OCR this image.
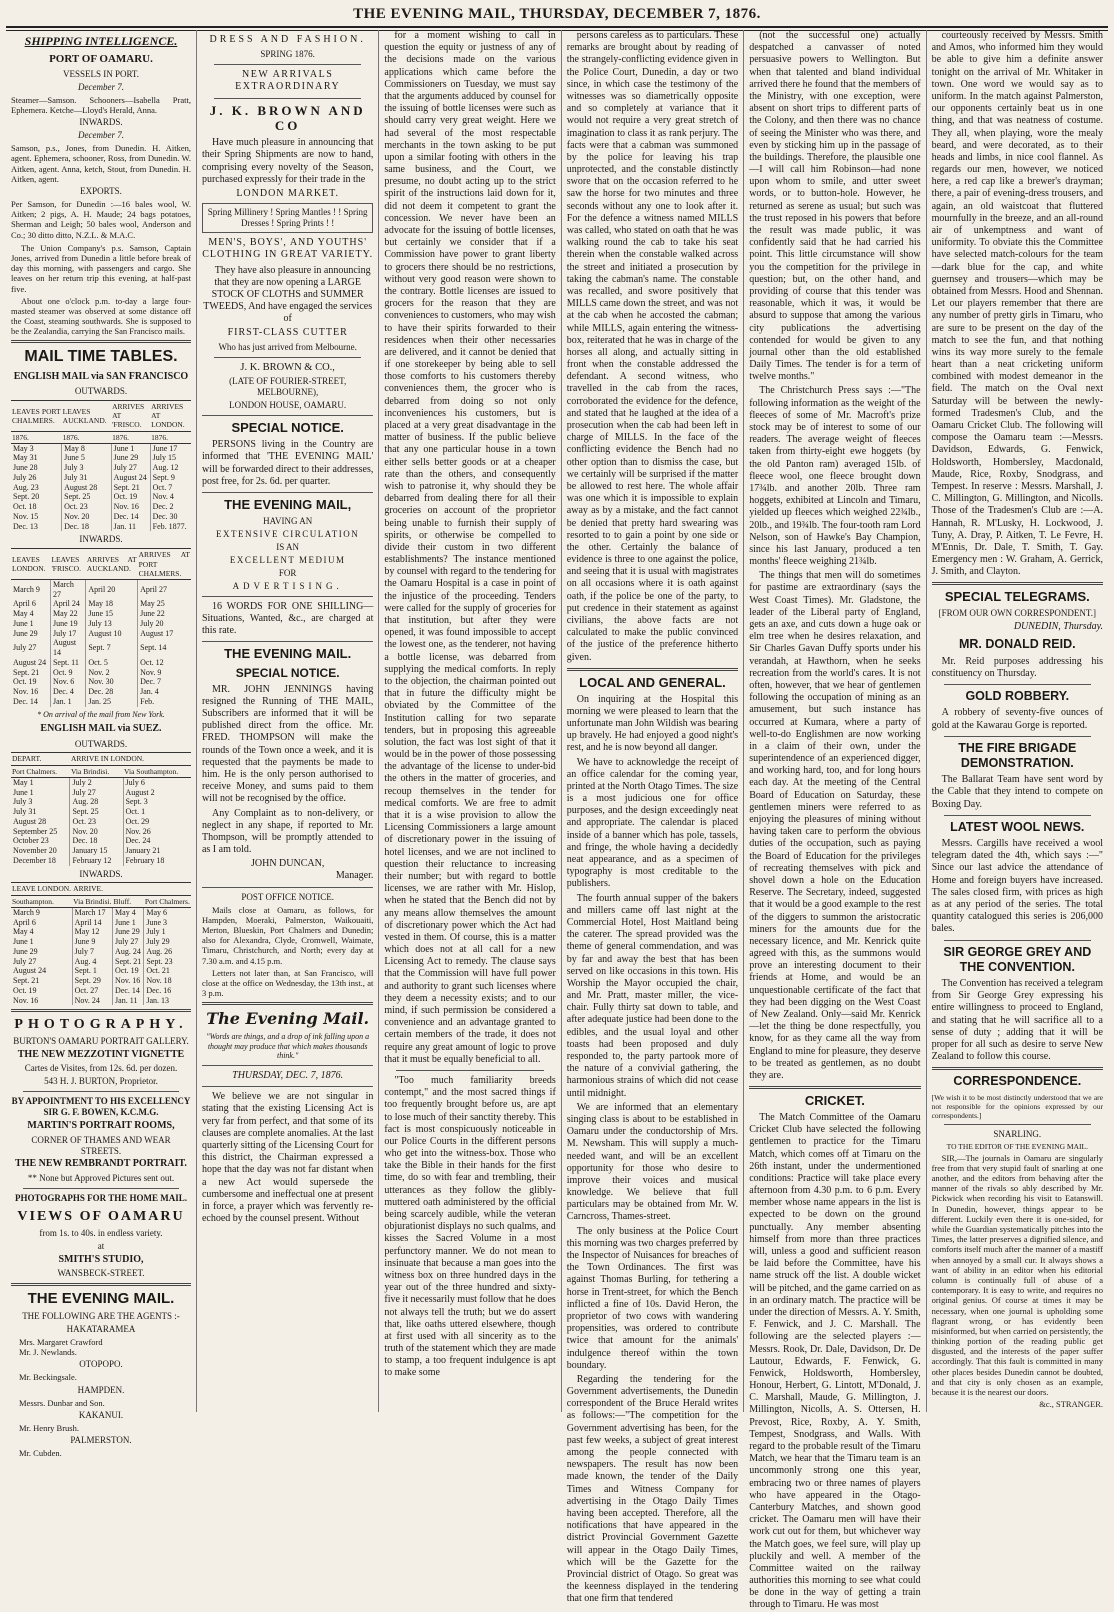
THE EVENING MAIL, THURSDAY, DECEMBER 7, 1876.
SHIPPING INTELLIGENCE.
PORT OF OAMARU.
VESSELS IN PORT.
December 7.
Steamer—Samson. Schooners—Isabella Pratt, Ephemera. Ketche—Lloyd's Herald, Anna.
INWARDS.
December 7.
Samson, p.s., Jones, from Dunedin. H. Aitken, agent. Ephemera, schooner, Ross, from Dunedin. W. Aitken, agent. Anna, ketch, Stout, from Dunedin. H. Aitken, agent.
EXPORTS.
Per Samson, for Dunedin :—16 bales wool, W. Aitken; 2 pigs, A. H. Maude; 24 bags potatoes, Sherman and Leigh; 50 bales wool, Anderson and Co.; 30 ditto ditto, N.Z.L. & M.A.C.
The Union Company's p.s. Samson, Captain Jones, arrived from Dunedin a little before break of day this morning, with passengers and cargo. She leaves on her return trip this evening, at half-past five.
About one o'clock p.m. to-day a large four-masted steamer was observed at some distance off the Coast, steaming southwards. She is supposed to be the Zealandia, carrying the San Francisco mails.
MAIL TIME TABLES.
ENGLISH MAIL via SAN FRANCISCO
OUTWARDS.
LEAVES PORT CHALMERS.	LEAVES AUCKLAND.	ARRIVES AT 'FRISCO.	ARRIVES AT LONDON.
1876.	1876.	1876.	1876.
May 3	May 8	June 1	June 17
May 31	June 5	June 29	July 15
June 28	July 3	July 27	Aug. 12
July 26	July 31	August 24	Sept. 9
Aug. 23	August 28	Sept. 21	Oct. 7
Sept. 20	Sept. 25	Oct. 19	Nov. 4
Oct. 18	Oct. 23	Nov. 16	Dec. 2
Nov. 15	Nov. 20	Dec. 14	Dec. 30
Dec. 13	Dec. 18	Jan. 11	Feb. 1877.
INWARDS.
LEAVES LONDON.	LEAVES 'FRISCO.	ARRIVES AT AUCKLAND.	ARRIVES AT PORT CHALMERS.
March 9	March 27	April 20	April 27
April 6	April 24	May 18	May 25
May 4	May 22	June 15	June 22
June 1	June 19	July 13	July 20
June 29	July 17	August 10	August 17
July 27	August 14	Sept. 7	Sept. 14
August 24	Sept. 11	Oct. 5	Oct. 12
Sept. 21	Oct. 9	Nov. 2	Nov. 9
Oct. 19	Nov. 6	Nov. 30	Dec. 7
Nov. 16	Dec. 4	Dec. 28	Jan. 4
Dec. 14	Jan. 1	Jan. 25	Feb.
* On arrival of the mail from New York.
ENGLISH MAIL via SUEZ.
OUTWARDS.
DEPART.	ARRIVE IN LONDON.	
Port Chalmers.	Via Brindisi.	Via Southampton.
May 1	July 2	July 6
June 1	July 27	August 2
July 3	Aug. 28	Sept. 3
July 31	Sept. 25	Oct. 1
August 28	Oct. 23	Oct. 29
September 25	Nov. 20	Nov. 26
October 23	Dec. 18	Dec. 24
November 20	January 15	January 21
December 18	February 12	February 18
INWARDS.
LEAVE LONDON.	ARRIVE.		
Southampton.	Via Brindisi.	Bluff.	Port Chalmers.
March 9	March 17	May 4	May 6
April 6	April 14	June 1	June 3
May 4	May 12	June 29	July 1
June 1	June 9	July 27	July 29
June 29	July 7	Aug. 24	Aug. 26
July 27	Aug. 4	Sept. 21	Sept. 23
August 24	Sept. 1	Oct. 19	Oct. 21
Sept. 21	Sept. 29	Nov. 16	Nov. 18
Oct. 19	Oct. 27	Dec. 14	Dec. 16
Nov. 16	Nov. 24	Jan. 11	Jan. 13
PHOTOGRAPHY.
BURTON'S OAMARU PORTRAIT GALLERY.
THE NEW MEZZOTINT VIGNETTE
Cartes de Visites, from 12s. 6d. per dozen.
543 H. J. BURTON, Proprietor.
BY APPOINTMENT TO HIS EXCELLENCY SIR G. F. BOWEN, K.C.M.G.
MARTIN'S PORTRAIT ROOMS,
CORNER OF THAMES AND WEAR STREETS.
THE NEW REMBRANDT PORTRAIT.
** None but Approved Pictures sent out.
PHOTOGRAPHS FOR THE HOME MAIL.
VIEWS OF OAMARU
from 1s. to 40s. in endless variety.
at
SMITH'S STUDIO,
WANSBECK-STREET.
THE EVENING MAIL.
THE FOLLOWING ARE THE AGENTS :-
HAKATARAMEA
Mrs. Margaret Crawford
Mr. J. Newlands.
OTOPOPO.
Mr. Beckingsale.
HAMPDEN.
Messrs. Dunbar and Son.
KAKANUI.
Mr. Henry Brush.
PALMERSTON.
Mr. Cubden.
DRESS AND FASHION.
SPRING 1876.
NEW ARRIVALS EXTRAORDINARY
J. K. BROWN AND CO
Have much pleasure in announcing that their Spring Shipments are now to hand, comprising every novelty of the Season, purchased expressly for their trade in the
LONDON MARKET.
Spring Millinery ! Spring Mantles ! ! Spring Dresses ! Spring Prints ! !
MEN'S, BOYS', AND YOUTHS' CLOTHING IN GREAT VARIETY.
They have also pleasure in announcing that they are now opening a LARGE STOCK OF CLOTHS and SUMMER TWEEDS, And have engaged the services of
FIRST-CLASS CUTTER
Who has just arrived from Melbourne.
J. K. BROWN & CO.,
(LATE OF FOURIER-STREET, MELBOURNE),
LONDON HOUSE, OAMARU.
SPECIAL NOTICE.
PERSONS living in the Country are informed that 'THE EVENING MAIL' will be forwarded direct to their addresses, post free, for 2s. 6d. per quarter.
THE EVENING MAIL,
HAVING AN
EXTENSIVE CIRCULATION
IS AN
EXCELLENT MEDIUM
FOR
ADVERTISING.
16 WORDS FOR ONE SHILLING— Situations, Wanted, &c., are charged at this rate.
THE EVENING MAIL.
SPECIAL NOTICE.
MR. JOHN JENNINGS having resigned the Running of THE MAIL, Subscribers are informed that it will be published direct from the office. Mr. FRED. THOMPSON will make the rounds of the Town once a week, and it is requested that the payments be made to him. He is the only person authorised to receive Money, and sums paid to them will not be recognised by the office.
Any Complaint as to non-delivery, or neglect in any shape, if reported to Mr. Thompson, will be promptly attended to as I am told.
JOHN DUNCAN,
Manager.
POST OFFICE NOTICE.
Mails close at Oamaru, as follows, for Hampden, Moeraki, Palmerston, Waikouaiti, Merton, Blueskin, Port Chalmers and Dunedin; also for Alexandra, Clyde, Cromwell, Waimate, Timaru, Christchurch, and North; every day at 7.30 a.m. and 4.15 p.m.
Letters not later than, at San Francisco, will close at the office on Wednesday, the 13th inst., at 3 p.m.
The Evening Mail.
"Words are things, and a drop of ink falling upon a thought may produce that which makes thousands think."
THURSDAY, DEC. 7, 1876.
We believe we are not singular in stating that the existing Licensing Act is very far from perfect, and that some of its clauses are complete anomalies. At the last quarterly sitting of the Licensing Court for this district, the Chairman expressed a hope that the day was not far distant when a new Act would supersede the cumbersome and ineffectual one at present in force, a prayer which was fervently re-echoed by the counsel present. Without
for a moment wishing to call in question the equity or justness of any of the decisions made on the various applications which came before the Commissioners on Tuesday, we must say that the arguments adduced by counsel for the issuing of bottle licenses were such as should carry very great weight. Here we had several of the most respectable merchants in the town asking to be put upon a similar footing with others in the same business, and the Court, we presume, no doubt acting up to the strict spirit of the instructions laid down for it, did not deem it competent to grant the concession. We never have been an advocate for the issuing of bottle licenses, but certainly we consider that if a Commission have power to grant liberty to grocers there should be no restrictions, without very good reason were shown to the contrary. Bottle licenses are issued to grocers for the reason that they are conveniences to customers, who may wish to have their spirits forwarded to their residences when their other necessaries are delivered, and it cannot be denied that if one storekeeper by being able to sell those comforts to his customers thereby conveniences them, the grocer who is debarred from doing so not only inconveniences his customers, but is placed at a very great disadvantage in the matter of business. If the public believe that any one particular house in a town either sells better goods or at a cheaper rate than the others, and consequently wish to patronise it, why should they be debarred from dealing there for all their groceries on account of the proprietor being unable to furnish their supply of spirits, or otherwise be compelled to divide their custom in two different establishments? The instance mentioned by counsel with regard to the tendering for the Oamaru Hospital is a case in point of the injustice of the proceeding. Tenders were called for the supply of groceries for that institution, but after they were opened, it was found impossible to accept the lowest one, as the tenderer, not having a bottle license, was debarred from supplying the medical comforts. In reply to the objection, the chairman pointed out that in future the difficulty might be obviated by the Committee of the Institution calling for two separate tenders, but in proposing this agreeable solution, the fact was lost sight of that it would be in the power of those possessing the advantage of the license to under-bid the others in the matter of groceries, and recoup themselves in the tender for medical comforts. We are free to admit that it is a wise provision to allow the Licensing Commissioners a large amount of discretionary power in the issuing of hotel licenses, and we are not inclined to question their reluctance to increasing their number; but with regard to bottle licenses, we are rather with Mr. Hislop, when he stated that the Bench did not by any means allow themselves the amount of discretionary power which the Act had vested in them. Of course, this is a matter which does not at all call for a new Licensing Act to remedy. The clause says that the Commission will have full power and authority to grant such licenses where they deem a necessity exists; and to our mind, if such permission be considered a convenience and an advantage granted to certain members of the trade, it does not require any great amount of logic to prove that it must be equally beneficial to all.
"Too much familiarity breeds contempt," and the most sacred things if too frequently brought before us, are apt to lose much of their sanctity thereby. This fact is most conspicuously noticeable in our Police Courts in the different persons who get into the witness-box. Those who take the Bible in their hands for the first time, do so with fear and trembling, their utterances as they follow the glibly-muttered oath administered by the official being scarcely audible, while the veteran objurationist displays no such qualms, and kisses the Sacred Volume in a most perfunctory manner. We do not mean to insinuate that because a man goes into the witness box on three hundred days in the year out of the three hundred and sixty-five it necessarily must follow that he does not always tell the truth; but we do assert that, like oaths uttered elsewhere, though at first used with all sincerity as to the truth of the statement which they are made to stamp, a too frequent indulgence is apt to make some
persons careless as to particulars. These remarks are brought about by reading of the strangely-conflicting evidence given in the Police Court, Dunedin, a day or two since, in which case the testimony of the witnesses was so diametrically opposite and so completely at variance that it would not require a very great stretch of imagination to class it as rank perjury. The facts were that a cabman was summoned by the police for leaving his trap unprotected, and the constable distinctly swore that on the occasion referred to he saw the horse for two minutes and three seconds without any one to look after it. For the defence a witness named MILLS was called, who stated on oath that he was walking round the cab to take his seat therein when the constable walked across the street and initiated a prosecution by taking the cabman's name. The constable was recalled, and swore positively that MILLS came down the street, and was not at the cab when he accosted the cabman; while MILLS, again entering the witness-box, reiterated that he was in charge of the horses all along, and actually sitting in front when the constable addressed the defendant. A second witness, who travelled in the cab from the races, corroborated the evidence for the defence, and stated that he laughed at the idea of a prosecution when the cab had been left in charge of MILLS. In the face of the conflicting evidence the Bench had no other option than to dismiss the case, but we certainly will be surprised if the matter be allowed to rest here. The whole affair was one which it is impossible to explain away as by a mistake, and the fact cannot be denied that pretty hard swearing was resorted to to gain a point by one side or the other. Certainly the balance of evidence is three to one against the police, and seeing that it is usual with magistrates on all occasions where it is oath against oath, if the police be one of the party, to put credence in their statement as against civilians, the above facts are not calculated to make the public convinced of the justice of the preference hitherto given.
LOCAL AND GENERAL.
On inquiring at the Hospital this morning we were pleased to learn that the unfortunate man John Wildish was bearing up bravely. He had enjoyed a good night's rest, and he is now beyond all danger.
We have to acknowledge the receipt of an office calendar for the coming year, printed at the North Otago Times. The size is a most judicious one for office purposes, and the design exceedingly neat and appropriate. The calendar is placed inside of a banner which has pole, tassels, and fringe, the whole having a decidedly neat appearance, and as a specimen of typography is most creditable to the publishers.
The fourth annual supper of the bakers and millers came off last night at the Commercial Hotel, Host Maitland being the caterer. The spread provided was the theme of general commendation, and was by far and away the best that has been served on like occasions in this town. His Worship the Mayor occupied the chair, and Mr. Pratt, master miller, the vice-chair. Fully thirty sat down to table, and after adequate justice had been done to the edibles, and the usual loyal and other toasts had been proposed and duly responded to, the party partook more of the nature of a convivial gathering, the harmonious strains of which did not cease until midnight.
We are informed that an elementary singing class is about to be established in Oamaru under the conductorship of Mrs. M. Newsham. This will supply a much-needed want, and will be an excellent opportunity for those who desire to improve their voices and musical knowledge. We believe that full particulars may be obtained from Mr. W. Carncross, Thames-street.
The only business at the Police Court this morning was two charges preferred by the Inspector of Nuisances for breaches of the Town Ordinances. The first was against Thomas Burling, for tethering a horse in Trent-street, for which the Bench inflicted a fine of 10s. David Heron, the proprietor of two cows with wandering propensities, was ordered to contribute twice that amount for the animals' indulgence thereof within the town boundary.
Regarding the tendering for the Government advertisements, the Dunedin correspondent of the Bruce Herald writes as follows:—"The competition for the Government advertising has been, for the past few weeks, a subject of great interest among the people connected with newspapers. The result has now been made known, the tender of the Daily Times and Witness Company for advertising in the Otago Daily Times having been accepted. Therefore, all the notifications that have appeared in the district Provincial Government Gazette will appear in the Otago Daily Times, which will be the Gazette for the Provincial district of Otago. So great was the keenness displayed in the tendering that one firm that tendered
(not the successful one) actually despatched a canvasser of noted persuasive powers to Wellington. But when that talented and bland individual arrived there he found that the members of the Ministry, with one exception, were absent on short trips to different parts of the Colony, and then there was no chance of seeing the Minister who was there, and even by sticking him up in the passage of the buildings. Therefore, the plausible one—I will call him Robinson—had none upon whom to smile, and utter sweet words, or to button-hole. However, he returned as serene as usual; but such was the trust reposed in his powers that before the result was made public, it was confidently said that he had carried his point. This little circumstance will show you the competition for the privilege in question; but, on the other hand, and providing of course that this tender was reasonable, which it was, it would be absurd to suppose that among the various city publications the advertising contended for would be given to any journal other than the old established Daily Times. The tender is for a term of twelve months."
The Christchurch Press says :—"The following information as the weight of the fleeces of some of Mr. Macroft's prize stock may be of interest to some of our readers. The average weight of fleeces taken from thirty-eight ewe hoggets (by the old Panton ram) averaged 15lb. of fleece wool, one fleece brought down 17¾lb. and another 20lb. Three ram hoggets, exhibited at Lincoln and Timaru, yielded up fleeces which weighed 22¾lb., 20lb., and 19¾lb. The four-tooth ram Lord Nelson, son of Hawke's Bay Champion, since his last January, produced a ten months' fleece weighing 21¾lb.
The things that men will do sometimes for pastime are extraordinary (says the West Coast Times). Mr. Gladstone, the leader of the Liberal party of England, gets an axe, and cuts down a huge oak or elm tree when he desires relaxation, and Sir Charles Gavan Duffy sports under his verandah, at Hawthorn, when he seeks recreation from the world's cares. It is not often, however, that we hear of gentlemen following the occupation of mining as an amusement, but such instance has occurred at Kumara, where a party of well-to-do Englishmen are now working in a claim of their own, under the superintendence of an experienced digger, and working hard, too, and for long hours each day. At the meeting of the Central Board of Education on Saturday, these gentlemen miners were referred to as enjoying the pleasures of mining without having taken care to perform the obvious duties of the occupation, such as paying the Board of Education for the privileges of recreating themselves with pick and shovel down a hole on the Education Reserve. The Secretary, indeed, suggested that it would be a good example to the rest of the diggers to summon the aristocratic miners for the amounts due for the necessary licence, and Mr. Kenrick quite agreed with this, as the summons would prove an interesting document to their friends at Home, and would be an unquestionable certificate of the fact that they had been digging on the West Coast of New Zealand. Only—said Mr. Kenrick—let the thing be done respectfully, you know, for as they came all the way from England to mine for pleasure, they deserve to be treated as gentlemen, as no doubt they are.
CRICKET.
The Match Committee of the Oamaru Cricket Club have selected the following gentlemen to practice for the Timaru Match, which comes off at Timaru on the 26th instant, under the undermentioned conditions: Practice will take place every afternoon from 4.30 p.m. to 6 p.m. Every member whose name appears in the list is expected to be down on the ground punctually. Any member absenting himself from more than three practices will, unless a good and sufficient reason be laid before the Committee, have his name struck off the list. A double wicket will be pitched, and the game carried on as in an ordinary match. The practice will be under the direction of Messrs. A. Y. Smith, F. Fenwick, and J. C. Marshall. The following are the selected players :—Messrs. Rook, Dr. Dale, Davidson, Dr. De Lautour, Edwards, F. Fenwick, G. Fenwick, Holdsworth, Hombersley, Honour, Herbert, G. Lintott, M'Donald, J. C. Marshall, Maude, G. Millington, J. Millington, Nicolls, A. S. Ottersen, H. Prevost, Rice, Roxby, A. Y. Smith, Tempest, Snodgrass, and Walls. With regard to the probable result of the Timaru Match, we hear that the Timaru team is an uncommonly strong one this year, embracing two or three names of players who have appeared in the Otago-Canterbury Matches, and shown good cricket. The Oamaru men will have their work cut out for them, but whichever way the Match goes, we feel sure, will play up pluckily and well. A member of the Committee waited on the railway authorities this morning to see what could be done in the way of getting a train through to Timaru. He was most
courteously received by Messrs. Smith and Amos, who informed him they would be able to give him a definite answer tonight on the arrival of Mr. Whitaker in town. One word we would say as to uniform. In the match against Palmerston, our opponents certainly beat us in one thing, and that was neatness of costume. They all, when playing, wore the mealy beard, and were decorated, as to their heads and limbs, in nice cool flannel. As regards our men, however, we noticed here, a red cap like a brewer's drayman; there, a pair of evening-dress trousers, and again, an old waistcoat that fluttered mournfully in the breeze, and an all-round air of unkemptness and want of uniformity. To obviate this the Committee have selected match-colours for the team—dark blue for the cap, and white guernsey and trousers—which may be obtained from Messrs. Hood and Shennan. Let our players remember that there are any number of pretty girls in Timaru, who are sure to be present on the day of the match to see the fun, and that nothing wins its way more surely to the female heart than a neat cricketing uniform combined with modest demeanor in the field. The match on the Oval next Saturday will be between the newly-formed Tradesmen's Club, and the Oamaru Cricket Club. The following will compose the Oamaru team :—Messrs. Davidson, Edwards, G. Fenwick, Holdsworth, Hombersley, Macdonald, Maude, Rice, Roxby, Snodgrass, and Tempest. In reserve : Messrs. Marshall, J. C. Millington, G. Millington, and Nicolls. Those of the Tradesmen's Club are :—A. Hannah, R. M'Lusky, H. Lockwood, J. Tuny, A. Dray, P. Aitken, T. Le Fevre, H. M'Ennis, Dr. Dale, T. Smith, T. Gay. Emergency men : W. Graham, A. Gerrick, J. Smith, and Clayton.
SPECIAL TELEGRAMS.
[FROM OUR OWN CORRESPONDENT.]
DUNEDIN, Thursday.
MR. DONALD REID.
Mr. Reid purposes addressing his constituency on Thursday.
GOLD ROBBERY.
A robbery of seventy-five ounces of gold at the Kawarau Gorge is reported.
THE FIRE BRIGADE DEMONSTRATION.
The Ballarat Team have sent word by the Cable that they intend to compete on Boxing Day.
LATEST WOOL NEWS.
Messrs. Cargills have received a wool telegram dated the 4th, which says :—" Since our last advice the attendance of Home and foreign buyers have increased. The sales closed firm, with prices as high as at any period of the series. The total quantity catalogued this series is 206,000 bales.
SIR GEORGE GREY AND THE CONVENTION.
The Convention has received a telegram from Sir George Grey expressing his entire willingness to proceed to England, and stating that he will sacrifice all to a sense of duty ; adding that it will be proper for all such as desire to serve New Zealand to follow this course.
CORRESPONDENCE.
[We wish it to be most distinctly understood that we are not responsible for the opinions expressed by our correspondents.]
SNARLING.
TO THE EDITOR OF THE EVENING MAIL.
SIR,—The journals in Oamaru are singularly free from that very stupid fault of snarling at one another, and the editors from behaving after the manner of the rivals so ably described by Mr. Pickwick when recording his visit to Eatanswill. In Dunedin, however, things appear to be different. Luckily even there it is one-sided, for while the Guardian systematically pitches into the Times, the latter preserves a dignified silence, and comforts itself much after the manner of a mastiff when annoyed by a small cur. It always shows a want of ability in an editor when his editorial column is continually full of abuse of a contemporary. It is easy to write, and requires no original genius. Of course at times it may be necessary, when one journal is upholding some flagrant wrong, or has evidently been misinformed, but when carried on persistently, the thinking portion of the reading public get disgusted, and the interests of the paper suffer accordingly. That this fault is committed in many other places besides Dunedin cannot be doubted, and that city is only chosen as an example, because it is the nearest our doors.
&c., STRANGER.
